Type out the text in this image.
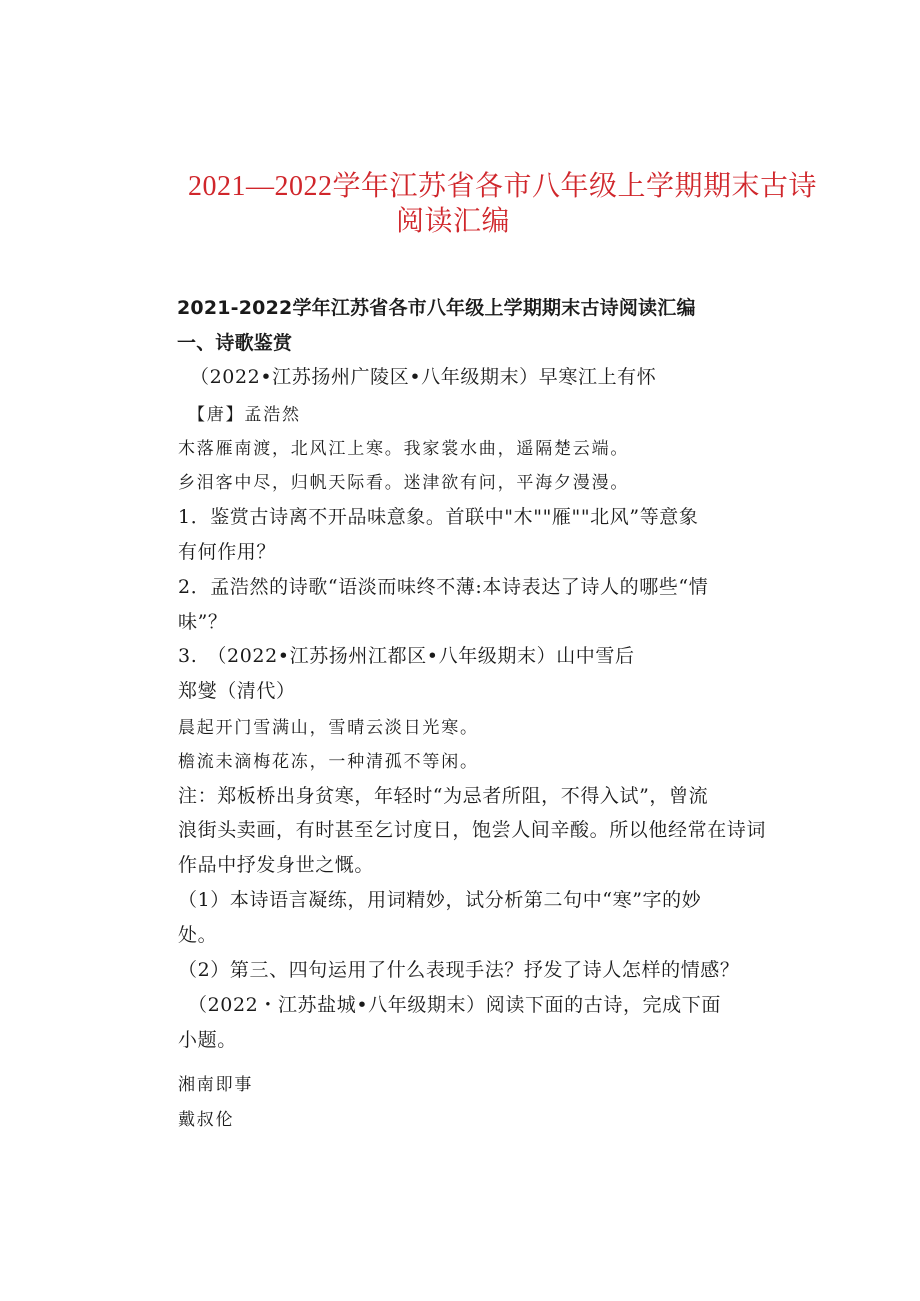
2021—2022学年江苏省各市八年级上学期期末古诗
阅读汇编
2021-2022学年江苏省各市八年级上学期期末古诗阅读汇编
一、诗歌鉴赏
（2022•江苏扬州广陵区•八年级期末）早寒江上有怀
【唐】孟浩然
木落雁南渡，北风江上寒。我家裳水曲，遥隔楚云端。
乡泪客中尽，归帆天际看。迷津欲有问，平海夕漫漫。
1．鉴赏古诗离不开品味意象。首联中"木""雁""北风”等意象
有何作用？
2．孟浩然的诗歌“语淡而味终不薄:本诗表达了诗人的哪些“情
味”？
3.　（2022•江苏扬州江都区•八年级期末）山中雪后
郑燮（清代）
晨起开门雪满山，雪晴云淡日光寒。
檐流未滴梅花冻，一种清孤不等闲。
注：郑板桥出身贫寒，年轻时“为忌者所阻，不得入试”，曾流
浪街头卖画，有时甚至乞讨度日，饱尝人间辛酸。所以他经常在诗词
作品中抒发身世之慨。
（1）本诗语言凝练，用词精妙，试分析第二句中“寒”字的妙
处。
（2）第三、四句运用了什么表现手法？抒发了诗人怎样的情感？
（2022・江苏盐城•八年级期末）阅读下面的古诗，完成下面
小题。
湘南即事
戴叔伦
